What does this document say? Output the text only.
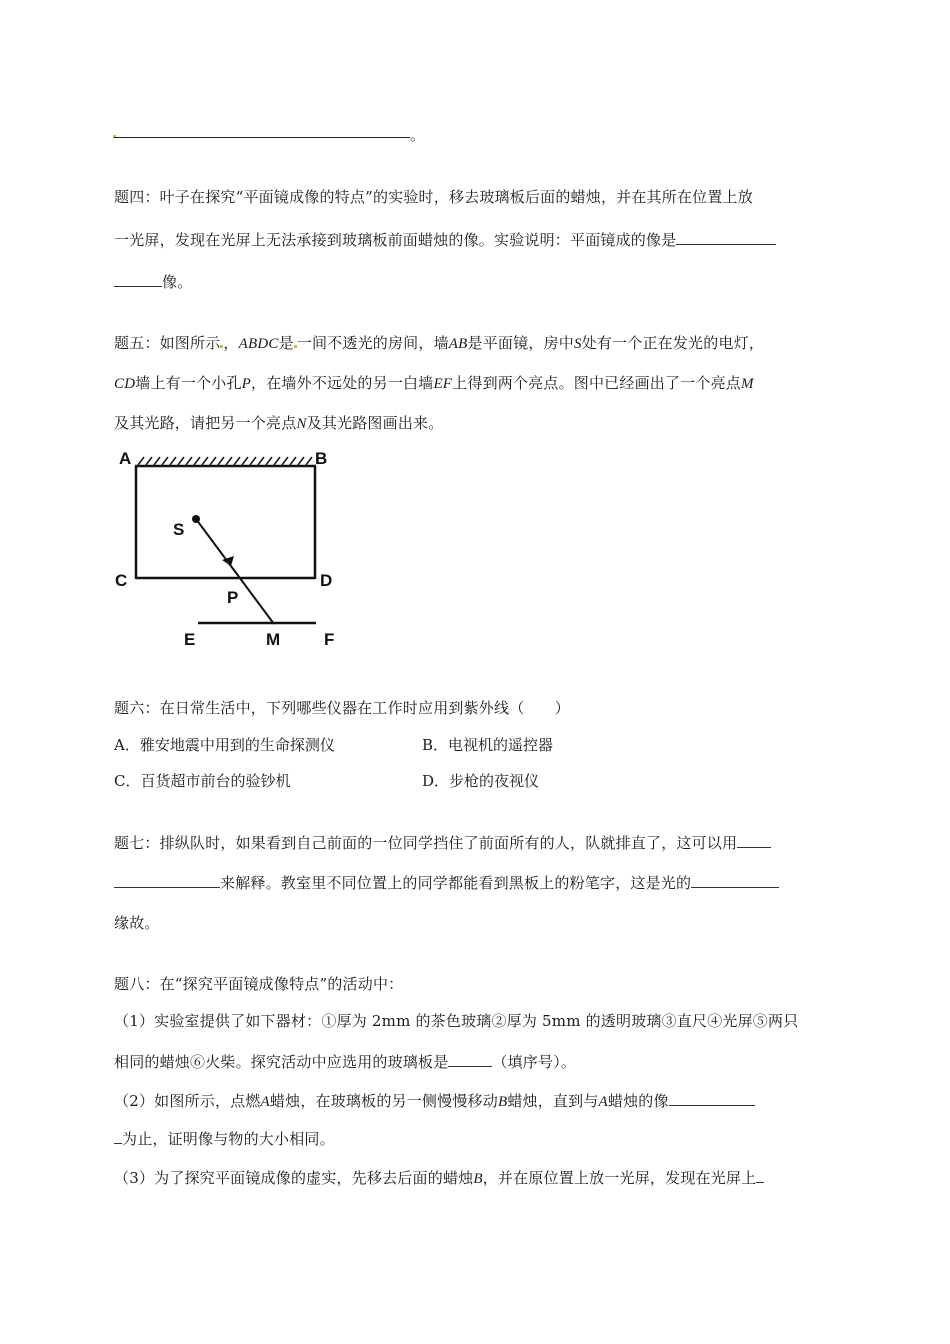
。
题四：叶子在探究“平面镜成像的特点”的实验时，移去玻璃板后面的蜡烛，并在其所在位置上放
一光屏，发现在光屏上无法承接到玻璃板前面蜡烛的像。实验说明：平面镜成的像是
像。
题五：如图所示 ，ABDC是 一间不透光的房间，墙AB是平面镜，房中S处有一个正在发光的电灯，
CD墙上有一个小孔P，在墙外不远处的另一白墙EF上得到两个亮点。图中已经画出了一个亮点M
及其光路，请把另一个亮点N及其光路图画出来。
A	B
S
C	D
P
E	M	F
题六：在日常生活中，下列哪些仪器在工作时应用到紫外线（　　）
A．雅安地震中用到的生命探测仪	B．电视机的遥控器
C．百货超市前台的验钞机	D．步枪的夜视仪
题七：排纵队时，如果看到自己前面的一位同学挡住了前面所有的人，队就排直了，这可以用
来解释。教室里不同位置上的同学都能看到黑板上的粉笔字，这是光的
缘故。
题八：在“探究平面镜成像特点”的活动中：
（1）实验室提供了如下器材：①厚为 2mm 的茶色玻璃②厚为 5mm 的透明玻璃③直尺④光屏⑤两只
相同的蜡烛⑥火柴。探究活动中应选用的玻璃板是	（填序号）。
（2）如图所示，点燃A蜡烛，在玻璃板的另一侧慢慢移动B蜡烛，直到与A蜡烛的像
为止，证明像与物的大小相同。
（3）为了探究平面镜成像的虚实，先移去后面的蜡烛B，并在原位置上放一光屏，发现在光屏上
